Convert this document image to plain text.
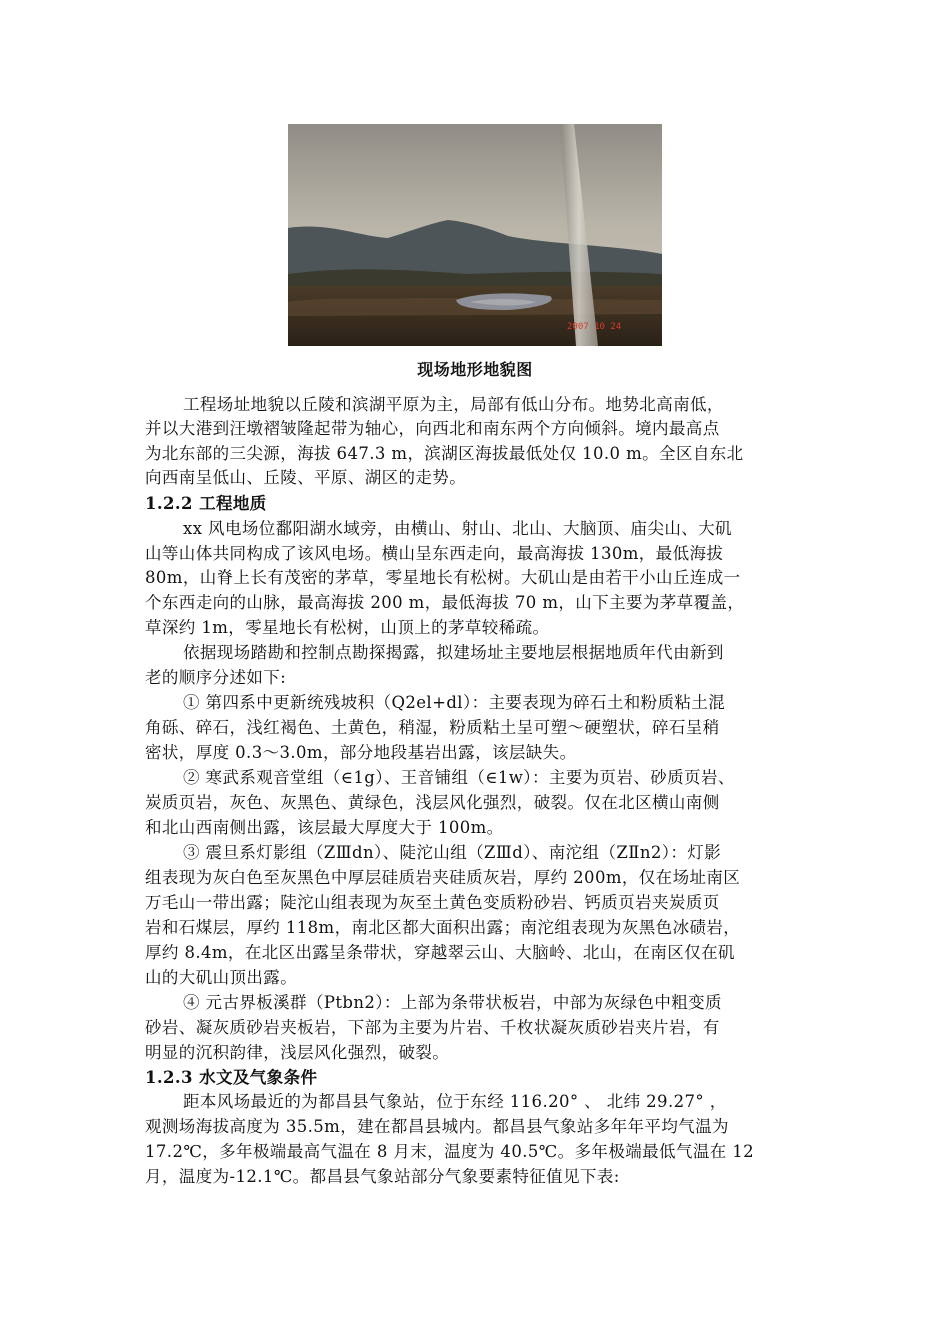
2007 10 24
现场地形地貌图
工程场址地貌以丘陵和滨湖平原为主，局部有低山分布。地势北高南低，
并以大港到汪墩褶皱隆起带为轴心，向西北和南东两个方向倾斜。境内最高点
为北东部的三尖源，海拔 647.3 m，滨湖区海拔最低处仅 10.0 m。全区自东北
向西南呈低山、丘陵、平原、湖区的走势。
1.2.2 工程地质
xx 风电场位鄱阳湖水域旁，由横山、射山、北山、大脑顶、庙尖山、大矶
山等山体共同构成了该风电场。横山呈东西走向，最高海拔 130m，最低海拔
80m，山脊上长有茂密的茅草，零星地长有松树。大矶山是由若干小山丘连成一
个东西走向的山脉，最高海拔 200 m，最低海拔 70 m，山下主要为茅草覆盖，
草深约 1m，零星地长有松树，山顶上的茅草较稀疏。
依据现场踏勘和控制点勘探揭露，拟建场址主要地层根据地质年代由新到
老的顺序分述如下:
① 第四系中更新统残坡积（Q2el+dl）：主要表现为碎石土和粉质粘土混
角砾、碎石，浅红褐色、土黄色，稍湿，粉质粘土呈可塑～硬塑状，碎石呈稍
密状，厚度 0.3～3.0m，部分地段基岩出露，该层缺失。
② 寒武系观音堂组（∈1g）、王音铺组（∈1w）：主要为页岩、砂质页岩、
炭质页岩，灰色、灰黑色、黄绿色，浅层风化强烈，破裂。仅在北区横山南侧
和北山西南侧出露，该层最大厚度大于 100m。
③ 震旦系灯影组（ZⅢdn）、陡沱山组（ZⅢd）、南沱组（ZⅡn2）：灯影
组表现为灰白色至灰黑色中厚层硅质岩夹硅质灰岩，厚约 200m，仅在场址南区
万毛山一带出露；陡沱山组表现为灰至土黄色变质粉砂岩、钙质页岩夹炭质页
岩和石煤层，厚约 118m，南北区都大面积出露；南沱组表现为灰黑色冰碛岩，
厚约 8.4m，在北区出露呈条带状，穿越翠云山、大脑岭、北山，在南区仅在矶
山的大矶山顶出露。
④ 元古界板溪群（Ptbn2）：上部为条带状板岩，中部为灰绿色中粗变质
砂岩、凝灰质砂岩夹板岩，下部为主要为片岩、千枚状凝灰质砂岩夹片岩，有
明显的沉积韵律，浅层风化强烈，破裂。
1.2.3 水文及气象条件
距本风场最近的为都昌县气象站，位于东经 116.20° 、 北纬 29.27° ，
观测场海拔高度为 35.5m，建在都昌县城内。都昌县气象站多年年平均气温为
17.2℃，多年极端最高气温在 8 月末，温度为 40.5℃。多年极端最低气温在 12
月，温度为-12.1℃。都昌县气象站部分气象要素特征值见下表:
